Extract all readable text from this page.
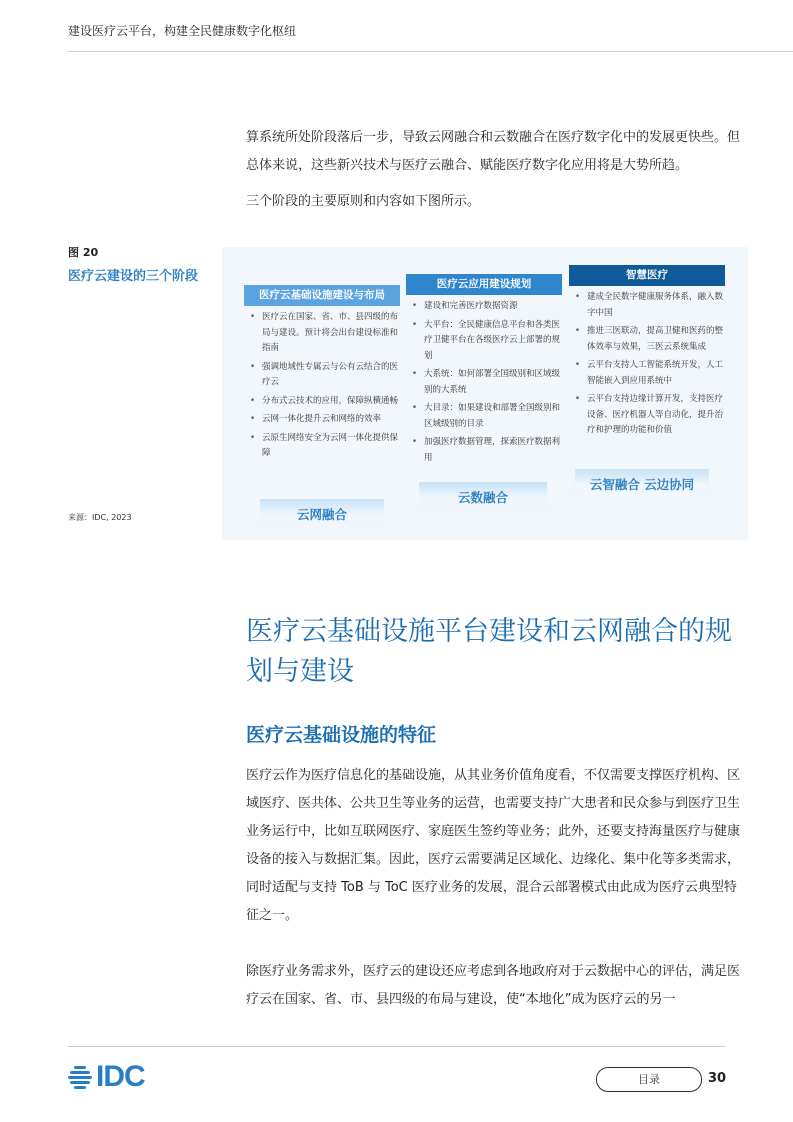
建设医疗云平台，构建全民健康数字化枢纽

算系统所处阶段落后一步，导致云网融合和云数融合在医疗数字化中的发展更快些。但总体来说，这些新兴技术与医疗云融合、赋能医疗数字化应用将是大势所趋。

三个阶段的主要原则和内容如下图所示。

图 20
医疗云建设的三个阶段
来源：IDC, 2023
医疗云基础设施建设与布局
• 医疗云在国家、省、市、县四级的布局与建设。预计将会出台建设标准和指南
• 强调地域性专属云与公有云结合的医疗云
• 分布式云技术的应用，保障纵横通畅
• 云网一体化提升云和网络的效率
• 云原生网络安全为云网一体化提供保障
云网融合
医疗云应用建设规划
• 建设和完善医疗数据资源
• 大平台：全民健康信息平台和各类医疗卫健平台在各级医疗云上部署的规划
• 大系统：如何部署全国级别和区域级别的大系统
• 大目录：如果建设和部署全国级别和区域级别的目录
• 加强医疗数据管理，探索医疗数据利用
云数融合
智慧医疗
• 建成全民数字健康服务体系，融入数字中国
• 推进三医联动，提高卫健和医药的整体效率与效果，三医云系统集成
• 云平台支持人工智能系统开发，人工智能嵌入到应用系统中
• 云平台支持边缘计算开发，支持医疗设备、医疗机器人等自动化，提升治疗和护理的功能和价值
云智融合 云边协同
医疗云基础设施平台建设和云网融合的规划与建设
医疗云基础设施的特征

医疗云作为医疗信息化的基础设施，从其业务价值角度看，不仅需要支撑医疗机构、区域医疗、医共体、公共卫生等业务的运营，也需要支持广大患者和民众参与到医疗卫生业务运行中，比如互联网医疗、家庭医生签约等业务；此外，还要支持海量医疗与健康设备的接入与数据汇集。因此，医疗云需要满足区域化、边缘化、集中化等多类需求，同时适配与支持 ToB 与 ToC 医疗业务的发展，混合云部署模式由此成为医疗云典型特征之一。

除医疗业务需求外，医疗云的建设还应考虑到各地政府对于云数据中心的评估，满足医疗云在国家、省、市、县四级的布局与建设，使“本地化”成为医疗云的另一

IDC	目录	30
